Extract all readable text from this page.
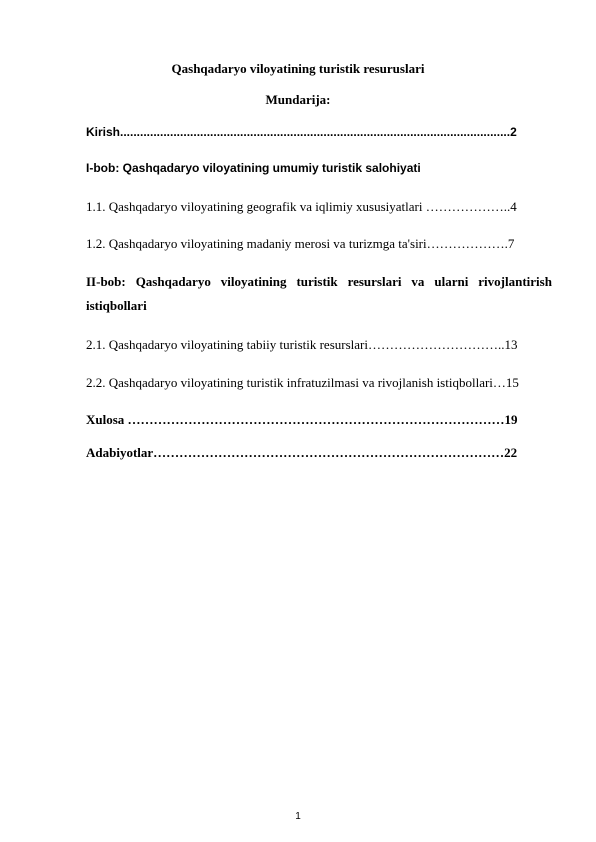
Qashqadaryo viloyatining turistik resuruslari
Mundarija:
Kirish.....................................................................................................................2
I-bob: Qashqadaryo viloyatining umumiy turistik salohiyati
1.1. Qashqadaryo viloyatining geografik va iqlimiy xususiyatlari ………………..4
1.2. Qashqadaryo viloyatining madaniy merosi va turizmga ta'siri……………….7
II-bob: Qashqadaryo viloyatining turistik resurslari va ularni rivojlantirish
istiqbollari
2.1. Qashqadaryo viloyatining tabiiy turistik resurslari…………………………..13
2.2. Qashqadaryo viloyatining turistik infratuzilmasi va rivojlanish istiqbollari…15
Xulosa ……………………………………………………………………………19
Adabiyotlar………………………………………………………………………22
1
